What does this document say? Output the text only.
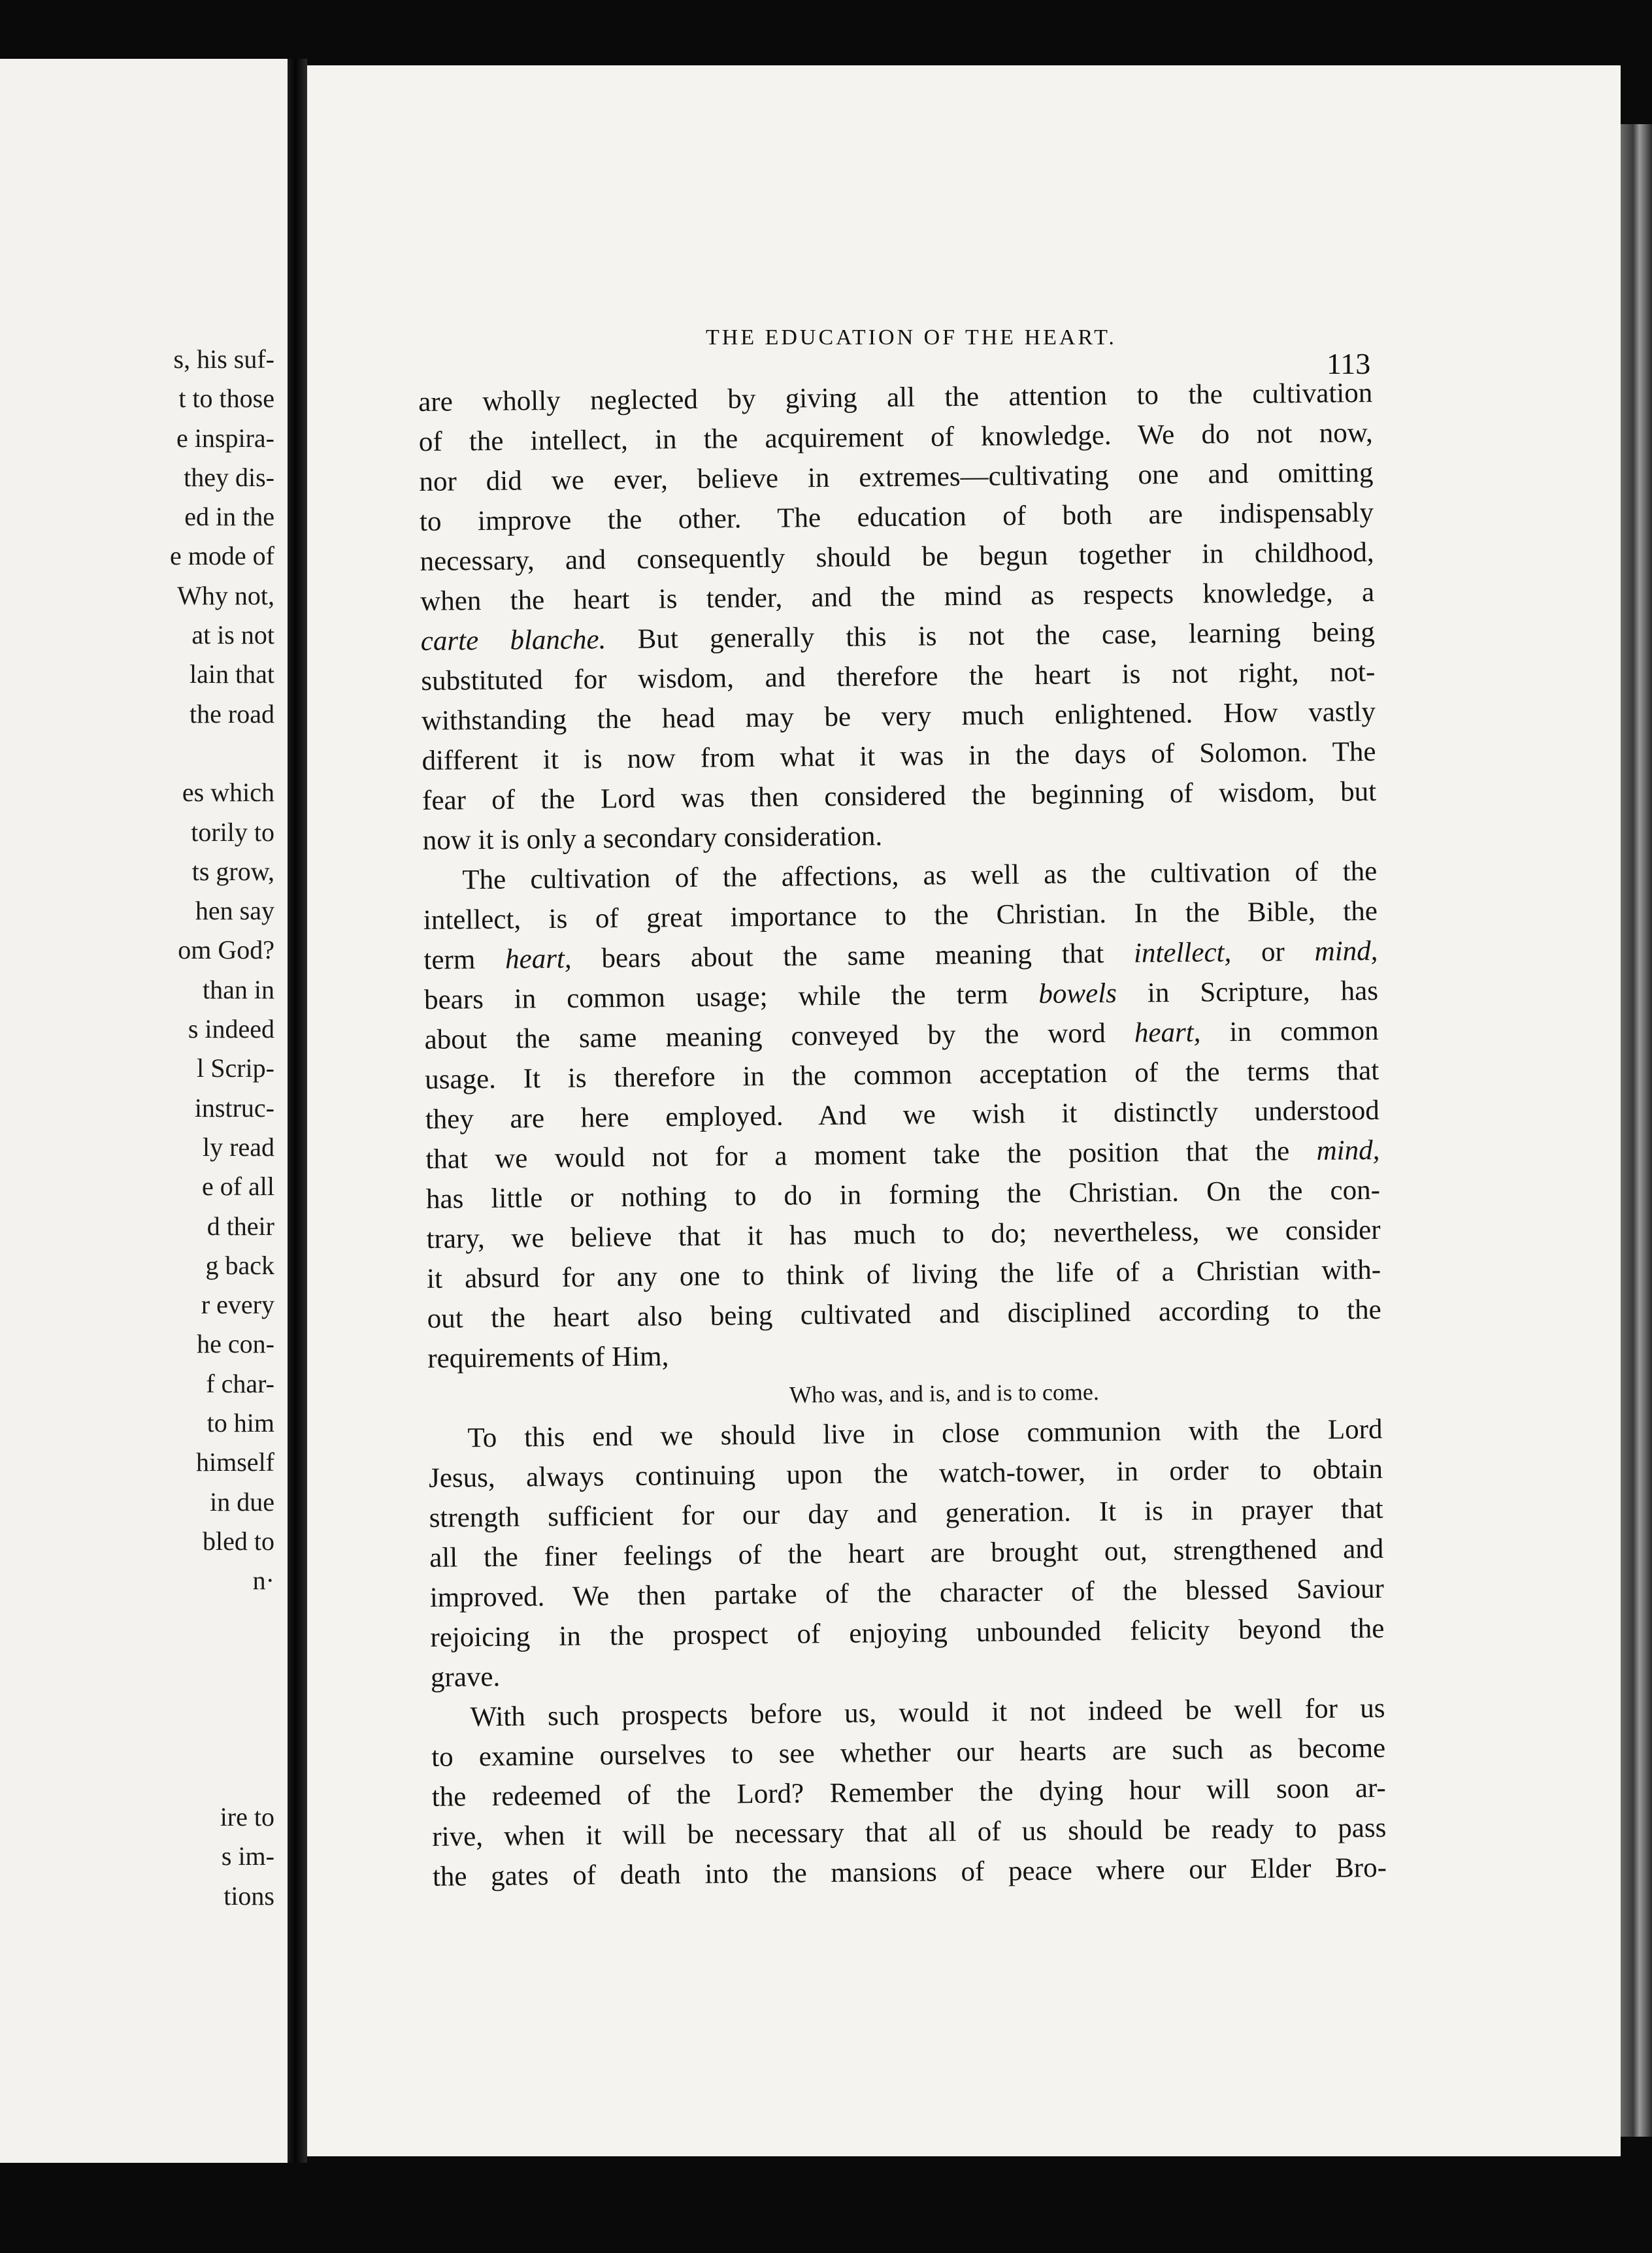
s, his suf-
t to those
e inspira-
they dis-
ed in the
e mode of
Why not,
at is not
lain that
the road
es which
torily to
ts grow,
hen say
om God?
than in
s indeed
l Scrip-
instruc-
ly read
e of all
d their
g back
r every
he con-
f char-
to him
himself
in due
bled to
n·
ire to
s im-
tions
THE EDUCATION OF THE HEART.
113
are wholly neglected by giving all the attention to the cultivation
of the intellect, in the acquirement of knowledge. We do not now,
nor did we ever, believe in extremes—cultivating one and omitting
to improve the other. The education of both are indispensably
necessary, and consequently should be begun together in childhood,
when the heart is tender, and the mind as respects knowledge, a
carte blanche. But generally this is not the case, learning being
substituted for wisdom, and therefore the heart is not right, not-
withstanding the head may be very much enlightened. How vastly
different it is now from what it was in the days of Solomon. The
fear of the Lord was then considered the beginning of wisdom, but
now it is only a secondary consideration.
The cultivation of the affections, as well as the cultivation of the
intellect, is of great importance to the Christian. In the Bible, the
term heart, bears about the same meaning that intellect, or mind,
bears in common usage; while the term bowels in Scripture, has
about the same meaning conveyed by the word heart, in common
usage. It is therefore in the common acceptation of the terms that
they are here employed. And we wish it distinctly understood
that we would not for a moment take the position that the mind,
has little or nothing to do in forming the Christian. On the con-
trary, we believe that it has much to do; nevertheless, we consider
it absurd for any one to think of living the life of a Christian with-
out the heart also being cultivated and disciplined according to the
requirements of Him,
Who was, and is, and is to come.
To this end we should live in close communion with the Lord
Jesus, always continuing upon the watch-tower, in order to obtain
strength sufficient for our day and generation. It is in prayer that
all the finer feelings of the heart are brought out, strengthened and
improved. We then partake of the character of the blessed Saviour
rejoicing in the prospect of enjoying unbounded felicity beyond the
grave.
With such prospects before us, would it not indeed be well for us
to examine ourselves to see whether our hearts are such as become
the redeemed of the Lord? Remember the dying hour will soon ar-
rive, when it will be necessary that all of us should be ready to pass
the gates of death into the mansions of peace where our Elder Bro-
